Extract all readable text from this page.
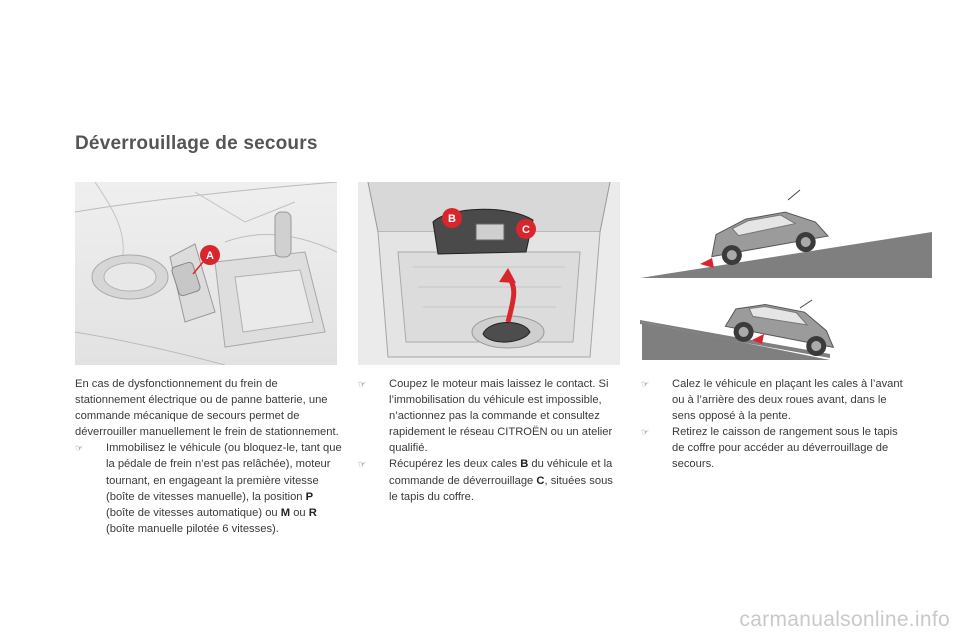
Déverrouillage de secours
A
B
C

En cas de dysfonctionnement du frein de stationnement électrique ou de panne batterie, une commande mécanique de secours permet de déverrouiller manuellement le frein de stationnement.

☞ Immobilisez le véhicule (ou bloquez-le, tant que la pédale de frein n’est pas relâchée), moteur tournant, en engageant la première vitesse (boîte de vitesses manuelle), la position P (boîte de vitesses automatique) ou M ou R (boîte manuelle pilotée 6 vitesses).
☞ Coupez le moteur mais laissez le contact. Si l’immobilisation du véhicule est impossible, n’actionnez pas la commande et consultez rapidement le réseau CITROËN ou un atelier qualifié.
☞ Récupérez les deux cales B du véhicule et la commande de déverrouillage C, situées sous le tapis du coffre.
☞ Calez le véhicule en plaçant les cales à l’avant ou à l’arrière des deux roues avant, dans le sens opposé à la pente.
☞ Retirez le caisson de rangement sous le tapis de coffre pour accéder au déverrouillage de secours.
carmanualsonline.info
